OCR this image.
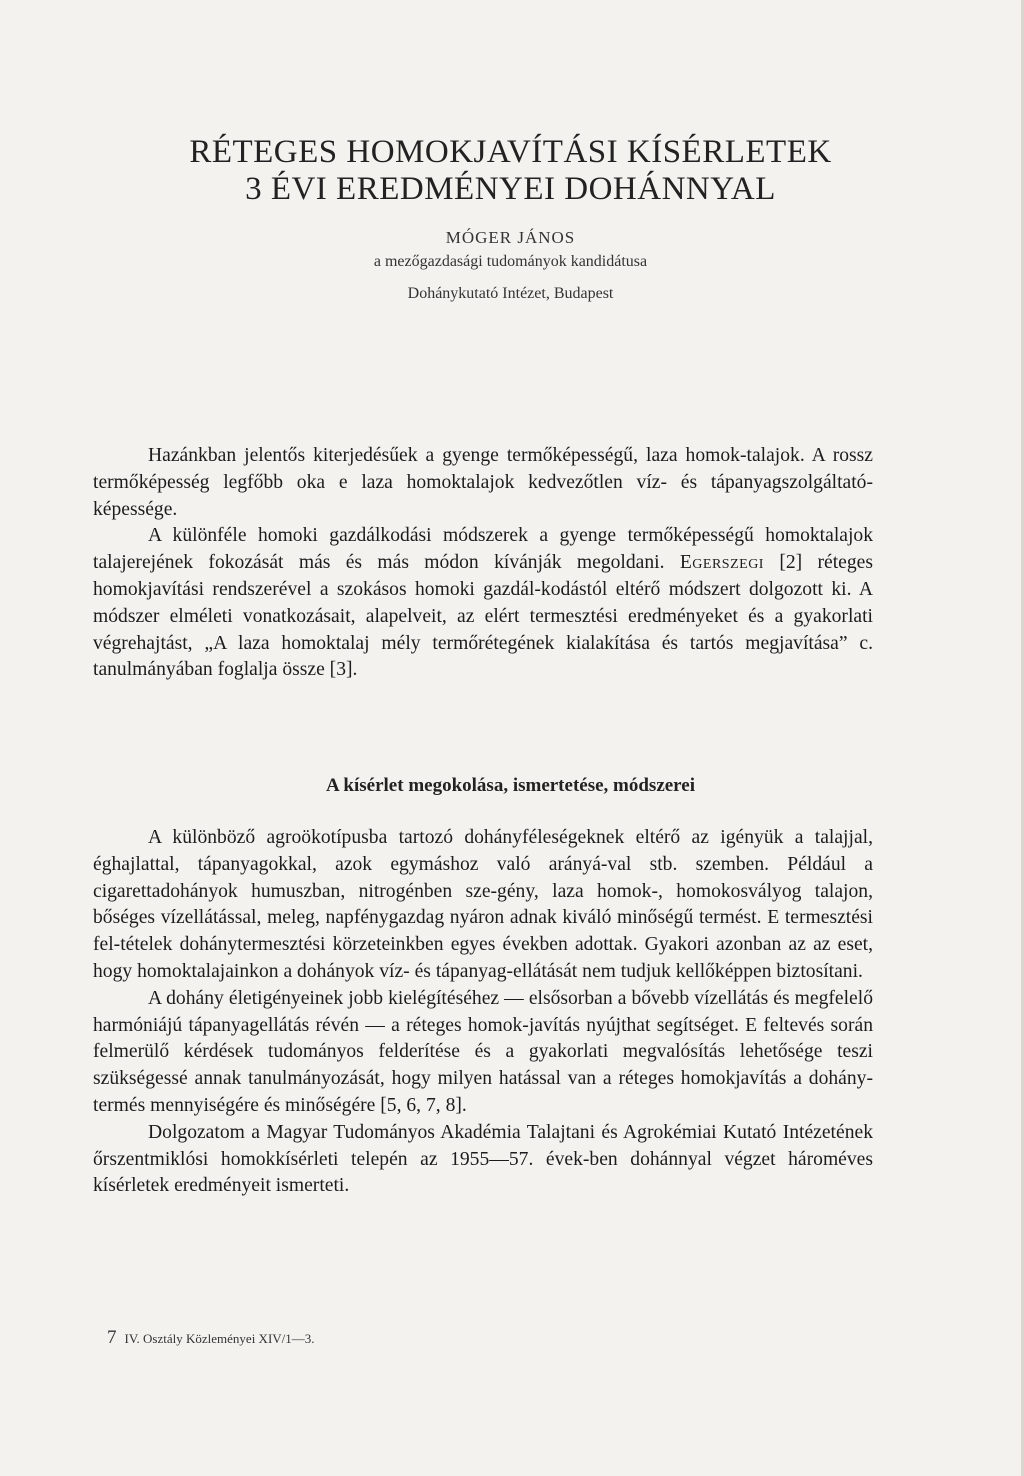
RÉTEGES HOMOKJAVÍTÁSI KÍSÉRLETEK
3 ÉVI EREDMÉNYEI DOHÁNNYAL
MÓGER JÁNOS
a mezőgazdasági tudományok kandidátusa
Dohánykutató Intézet, Budapest

Hazánkban jelentős kiterjedésűek a gyenge termőképességű, laza homok-talajok. A rossz termőképesség legfőbb oka e laza homoktalajok kedvezőtlen víz- és tápanyagszolgáltató-képessége.

A különféle homoki gazdálkodási módszerek a gyenge termőképességű homoktalajok talajerejének fokozását más és más módon kívánják megoldani. Egerszegi [2] réteges homokjavítási rendszerével a szokásos homoki gazdál-kodástól eltérő módszert dolgozott ki. A módszer elméleti vonatkozásait, alapelveit, az elért termesztési eredményeket és a gyakorlati végrehajtást, „A laza homoktalaj mély termőrétegének kialakítása és tartós megjavítása” c. tanulmányában foglalja össze [3].

A kísérlet megokolása, ismertetése, módszerei

A különböző agroökotípusba tartozó dohányféleségeknek eltérő az igényük a talajjal, éghajlattal, tápanyagokkal, azok egymáshoz való arányá-val stb. szemben. Például a cigarettadohányok humuszban, nitrogénben sze-gény, laza homok-, homokosvályog talajon, bőséges vízellátással, meleg, napfénygazdag nyáron adnak kiváló minőségű termést. E termesztési fel-tételek dohánytermesztési körzeteinkben egyes években adottak. Gyakori azonban az az eset, hogy homoktalajainkon a dohányok víz- és tápanyag-ellátását nem tudjuk kellőképpen biztosítani.

A dohány életigényeinek jobb kielégítéséhez — elsősorban a bővebb vízellátás és megfelelő harmóniájú tápanyagellátás révén — a réteges homok-javítás nyújthat segítséget. E feltevés során felmerülő kérdések tudományos felderítése és a gyakorlati megvalósítás lehetősége teszi szükségessé annak tanulmányozását, hogy milyen hatással van a réteges homokjavítás a dohány-termés mennyiségére és minőségére [5, 6, 7, 8].

Dolgozatom a Magyar Tudományos Akadémia Talajtani és Agrokémiai Kutató Intézetének őrszentmiklósi homokkísérleti telepén az 1955—57. évek-ben dohánnyal végzet hároméves kísérletek eredményeit ismerteti.

7 IV. Osztály Közleményei XIV/1—3.
